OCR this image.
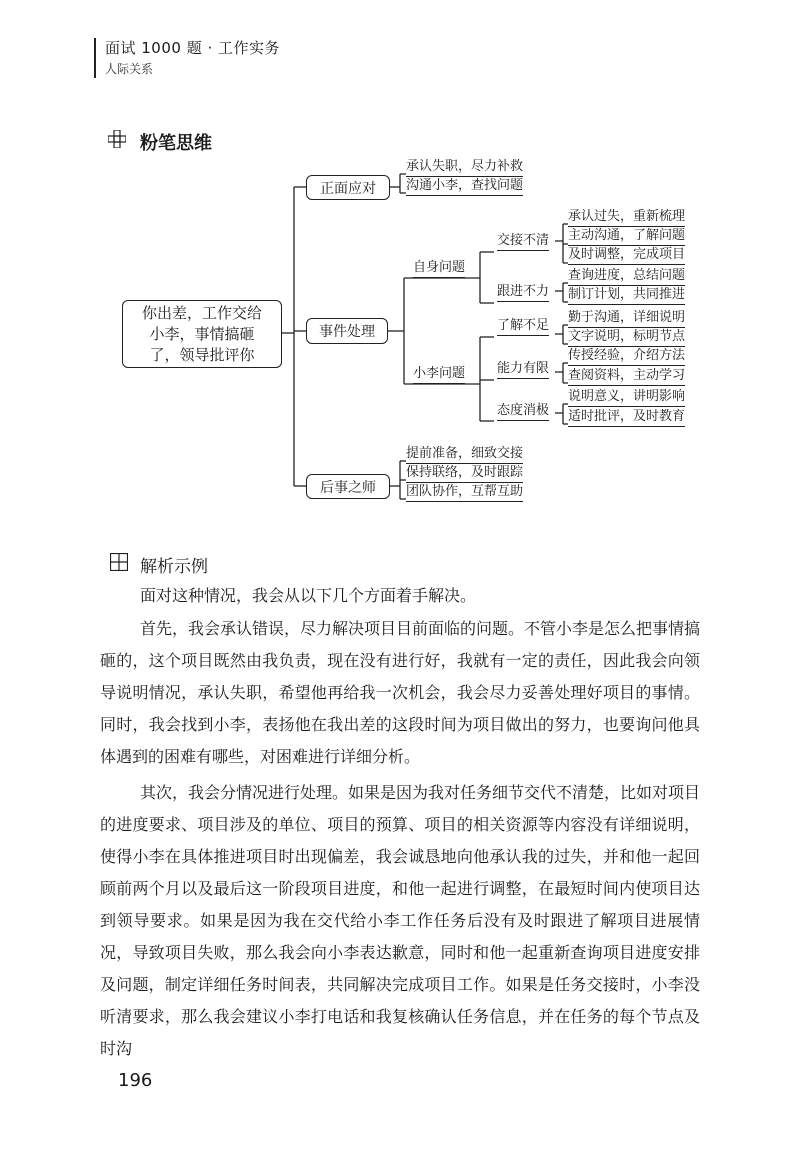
面试 1000 题 · 工作实务
人际关系
粉笔思维
你出差，工作交给小李，事情搞砸了，领导批评你
正面应对
事件处理
后事之师
承认失职，尽力补救
沟通小李，查找问题
自身问题
小李问题
交接不清
跟进不力
承认过失，重新梳理
主动沟通，了解问题
及时调整，完成项目
查询进度，总结问题
制订计划，共同推进
了解不足
能力有限
态度消极
勤于沟通，详细说明
文字说明，标明节点
传授经验，介绍方法
查阅资料，主动学习
说明意义，讲明影响
适时批评，及时教育
提前准备，细致交接
保持联络，及时跟踪
团队协作，互帮互助
解析示例

面对这种情况，我会从以下几个方面着手解决。

首先，我会承认错误，尽力解决项目目前面临的问题。不管小李是怎么把事情搞砸的，这个项目既然由我负责，现在没有进行好，我就有一定的责任，因此我会向领导说明情况，承认失职，希望他再给我一次机会，我会尽力妥善处理好项目的事情。同时，我会找到小李，表扬他在我出差的这段时间为项目做出的努力，也要询问他具体遇到的困难有哪些，对困难进行详细分析。

其次，我会分情况进行处理。如果是因为我对任务细节交代不清楚，比如对项目的进度要求、项目涉及的单位、项目的预算、项目的相关资源等内容没有详细说明，使得小李在具体推进项目时出现偏差，我会诚恳地向他承认我的过失，并和他一起回顾前两个月以及最后这一阶段项目进度，和他一起进行调整，在最短时间内使项目达到领导要求。如果是因为我在交代给小李工作任务后没有及时跟进了解项目进展情况，导致项目失败，那么我会向小李表达歉意，同时和他一起重新查询项目进度安排及问题，制定详细任务时间表，共同解决完成项目工作。如果是任务交接时，小李没听清要求，那么我会建议小李打电话和我复核确认任务信息，并在任务的每个节点及时沟

196
